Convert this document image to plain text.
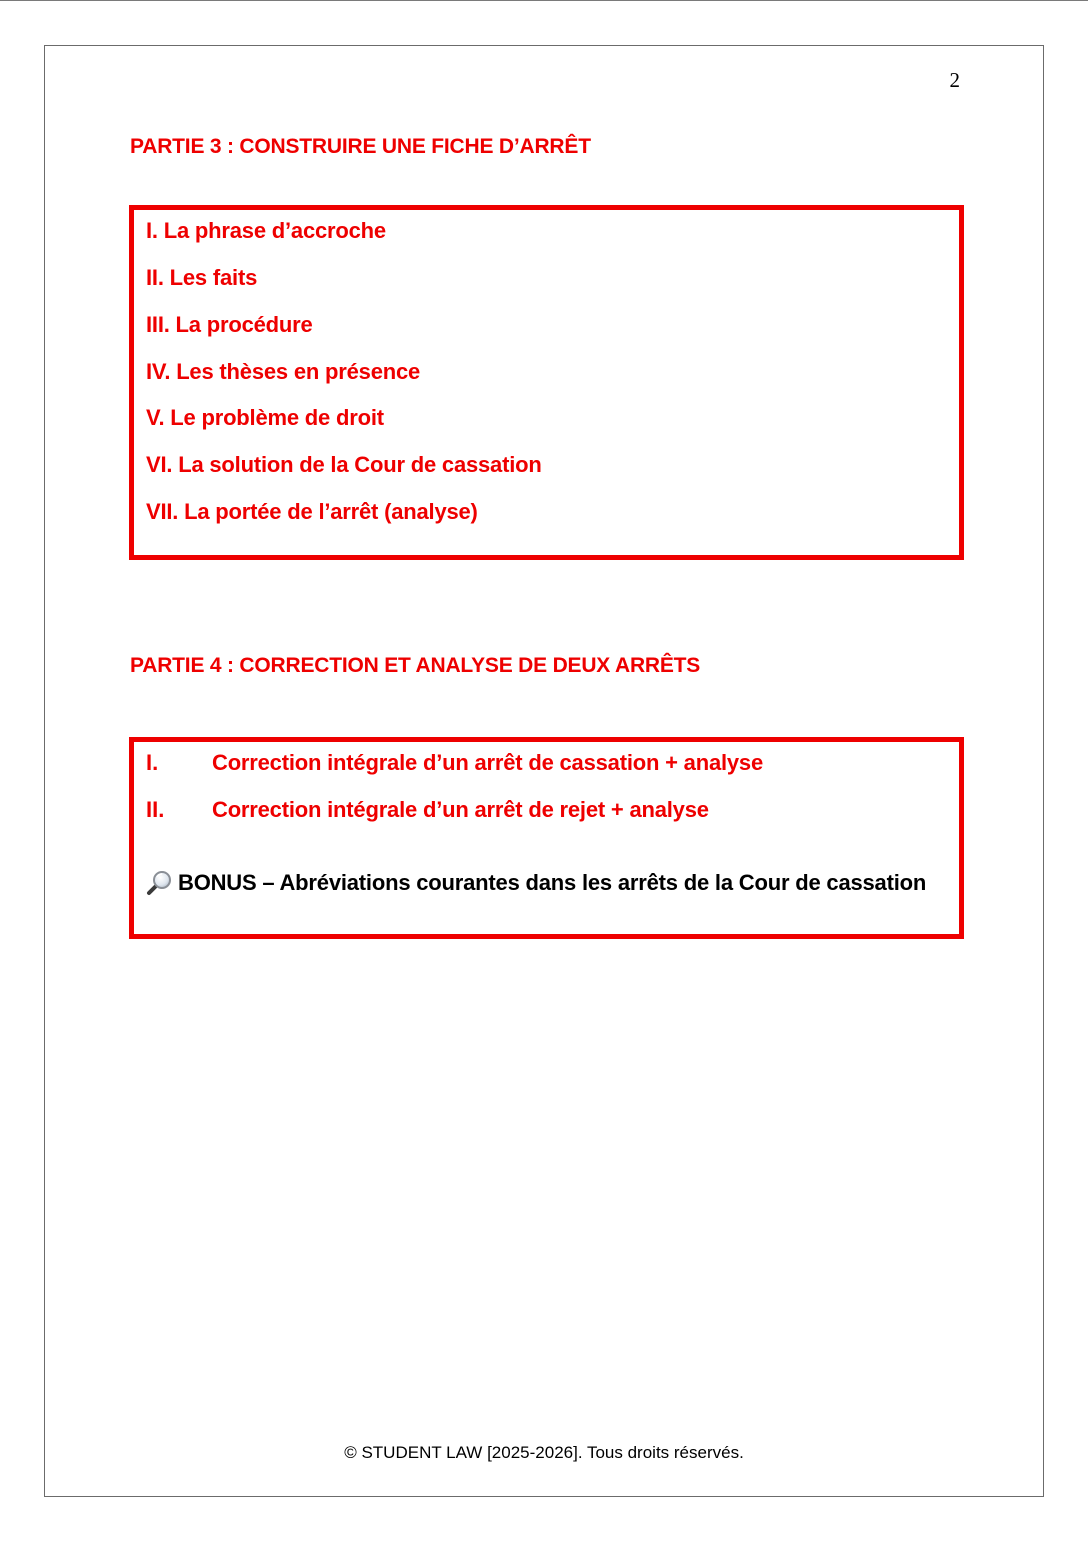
2
PARTIE 3 : CONSTRUIRE UNE FICHE D’ARRÊT
I. La phrase d’accroche
II. Les faits
III. La procédure
IV. Les thèses en présence
V. Le problème de droit
VI. La solution de la Cour de cassation
VII. La portée de l’arrêt (analyse)
PARTIE 4 : CORRECTION ET ANALYSE DE DEUX ARRÊTS
I. Correction intégrale d’un arrêt de cassation + analyse
II. Correction intégrale d’un arrêt de rejet + analyse
BONUS – Abréviations courantes dans les arrêts de la Cour de cassation
© STUDENT LAW [2025-2026]. Tous droits réservés.
